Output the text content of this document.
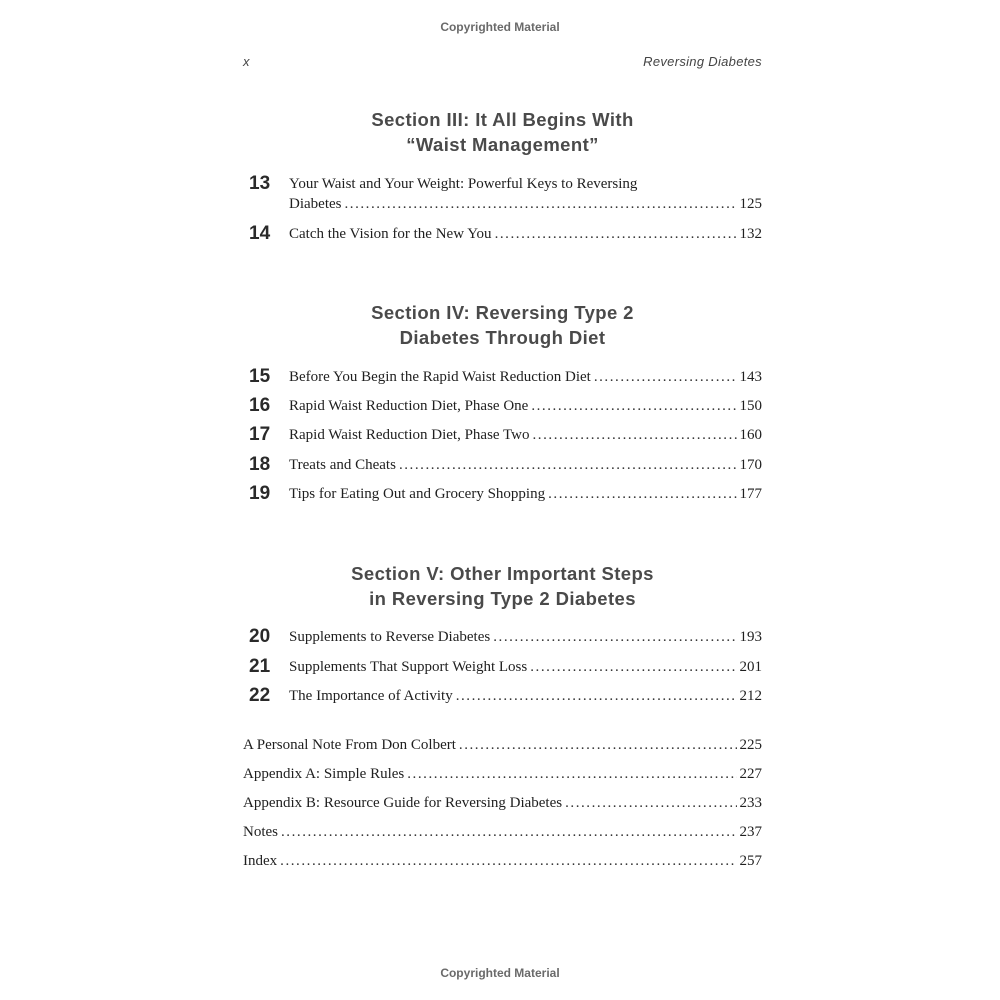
Copyrighted Material
x	Reversing Diabetes
Section III: It All Begins With
“Waist Management”
13 Your Waist and Your Weight: Powerful Keys to Reversing
Diabetes . . .	125
14 Catch the Vision for the New You . . .	132
Section IV: Reversing Type 2
Diabetes Through Diet
15 Before You Begin the Rapid Waist Reduction Diet . . .	143
16 Rapid Waist Reduction Diet, Phase One . . .	150
17 Rapid Waist Reduction Diet, Phase Two . . .	160
18 Treats and Cheats . . .	170
19 Tips for Eating Out and Grocery Shopping . . .	177
Section V: Other Important Steps
in Reversing Type 2 Diabetes
20 Supplements to Reverse Diabetes . . .	193
21 Supplements That Support Weight Loss . . .	201
22 The Importance of Activity . . .	212
A Personal Note From Don Colbert . . .	225
Appendix A: Simple Rules . . .	227
Appendix B: Resource Guide for Reversing Diabetes . . .	233
Notes . . .	237
Index . . .	257
Copyrighted Material
